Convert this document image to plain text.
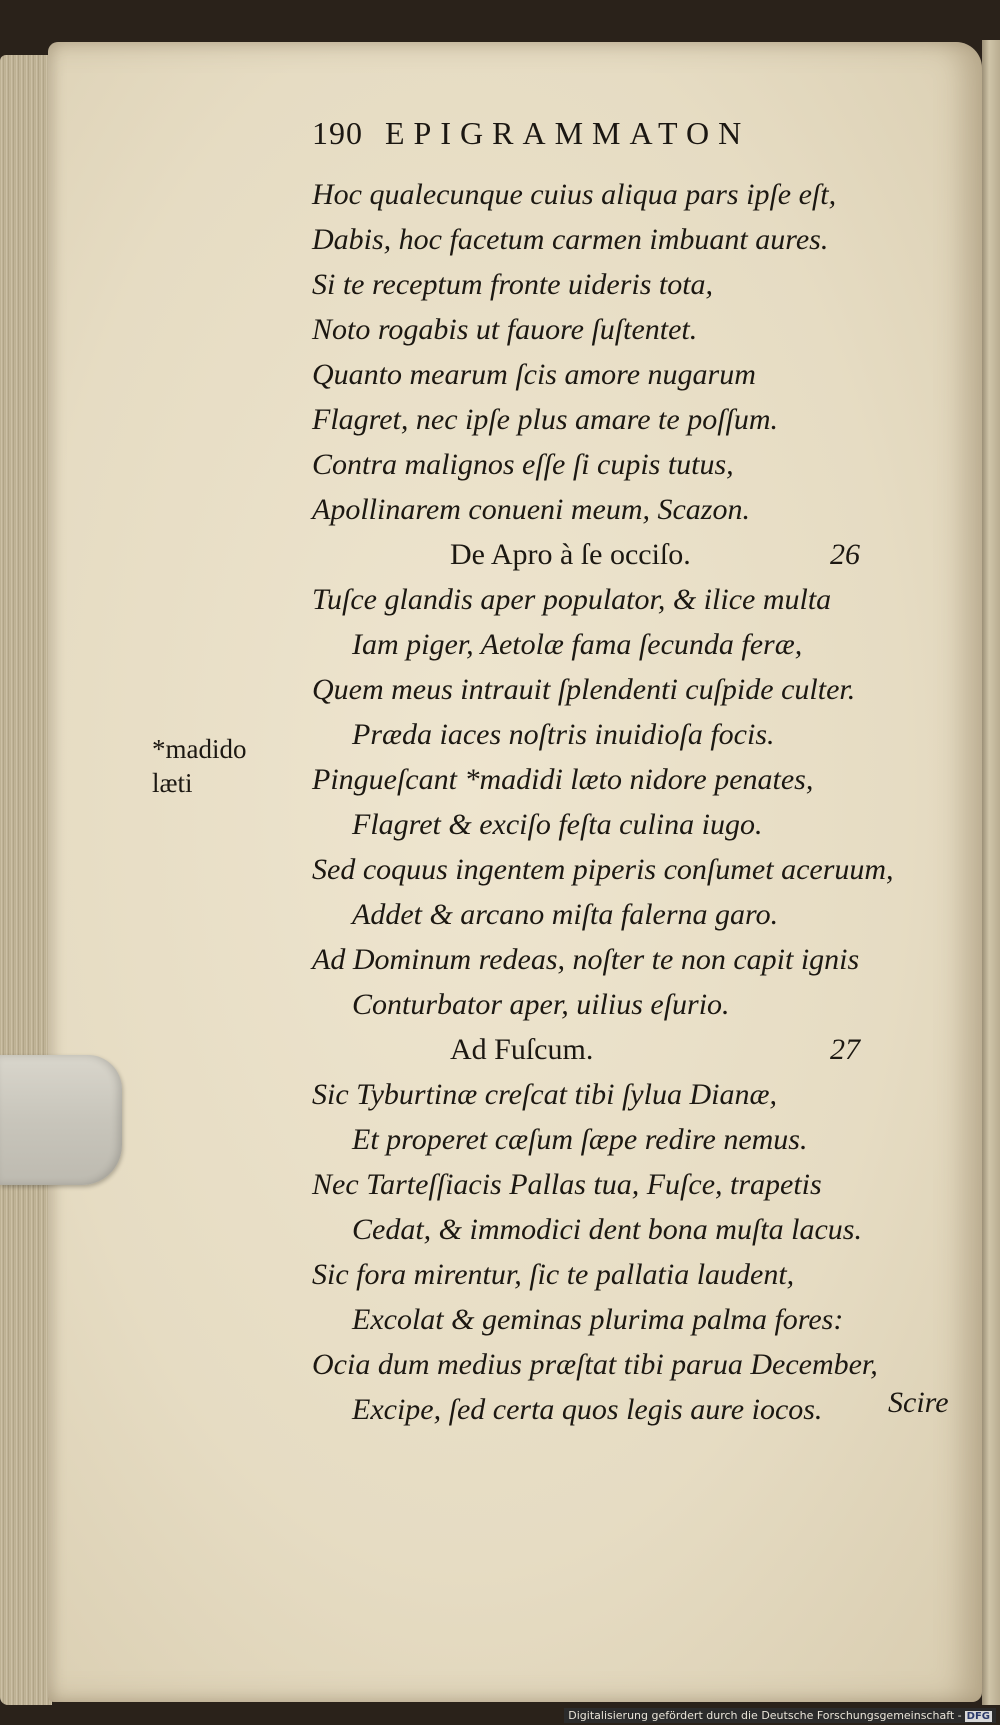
190 EPIGRAMMATON
*madido
læti
Hoc qualecunque cuius aliqua pars ipſe eſt,
Dabis, hoc facetum carmen imbuant aures.
Si te receptum fronte uideris tota,
Noto rogabis ut fauore ſuſtentet.
Quanto mearum ſcis amore nugarum
Flagret, nec ipſe plus amare te poſſum.
Contra malignos eſſe ſi cupis tutus,
Apollinarem conueni meum, Scazon.
De Apro à ſe occiſo.	26
Tuſce glandis aper populator, & ilice multa
Iam piger, Aetolæ fama ſecunda feræ,
Quem meus intrauit ſplendenti cuſpide culter.
Præda iaces noſtris inuidioſa focis.
Pingueſcant *madidi læto nidore penates,
Flagret & exciſo feſta culina iugo.
Sed coquus ingentem piperis conſumet aceruum,
Addet & arcano miſta falerna garo.
Ad Dominum redeas, noſter te non capit ignis
Conturbator aper, uilius eſurio.
Ad Fuſcum.	27
Sic Tyburtinæ creſcat tibi ſylua Dianæ,
Et properet cæſum ſæpe redire nemus.
Nec Tarteſſiacis Pallas tua, Fuſce, trapetis
Cedat, & immodici dent bona muſta lacus.
Sic fora mirentur, ſic te pallatia laudent,
Excolat & geminas plurima palma fores:
Ocia dum medius præſtat tibi parua December,
Excipe, ſed certa quos legis aure iocos.	Scire
Digitalisierung gefördert durch die Deutsche Forschungsgemeinschaft - DFG
